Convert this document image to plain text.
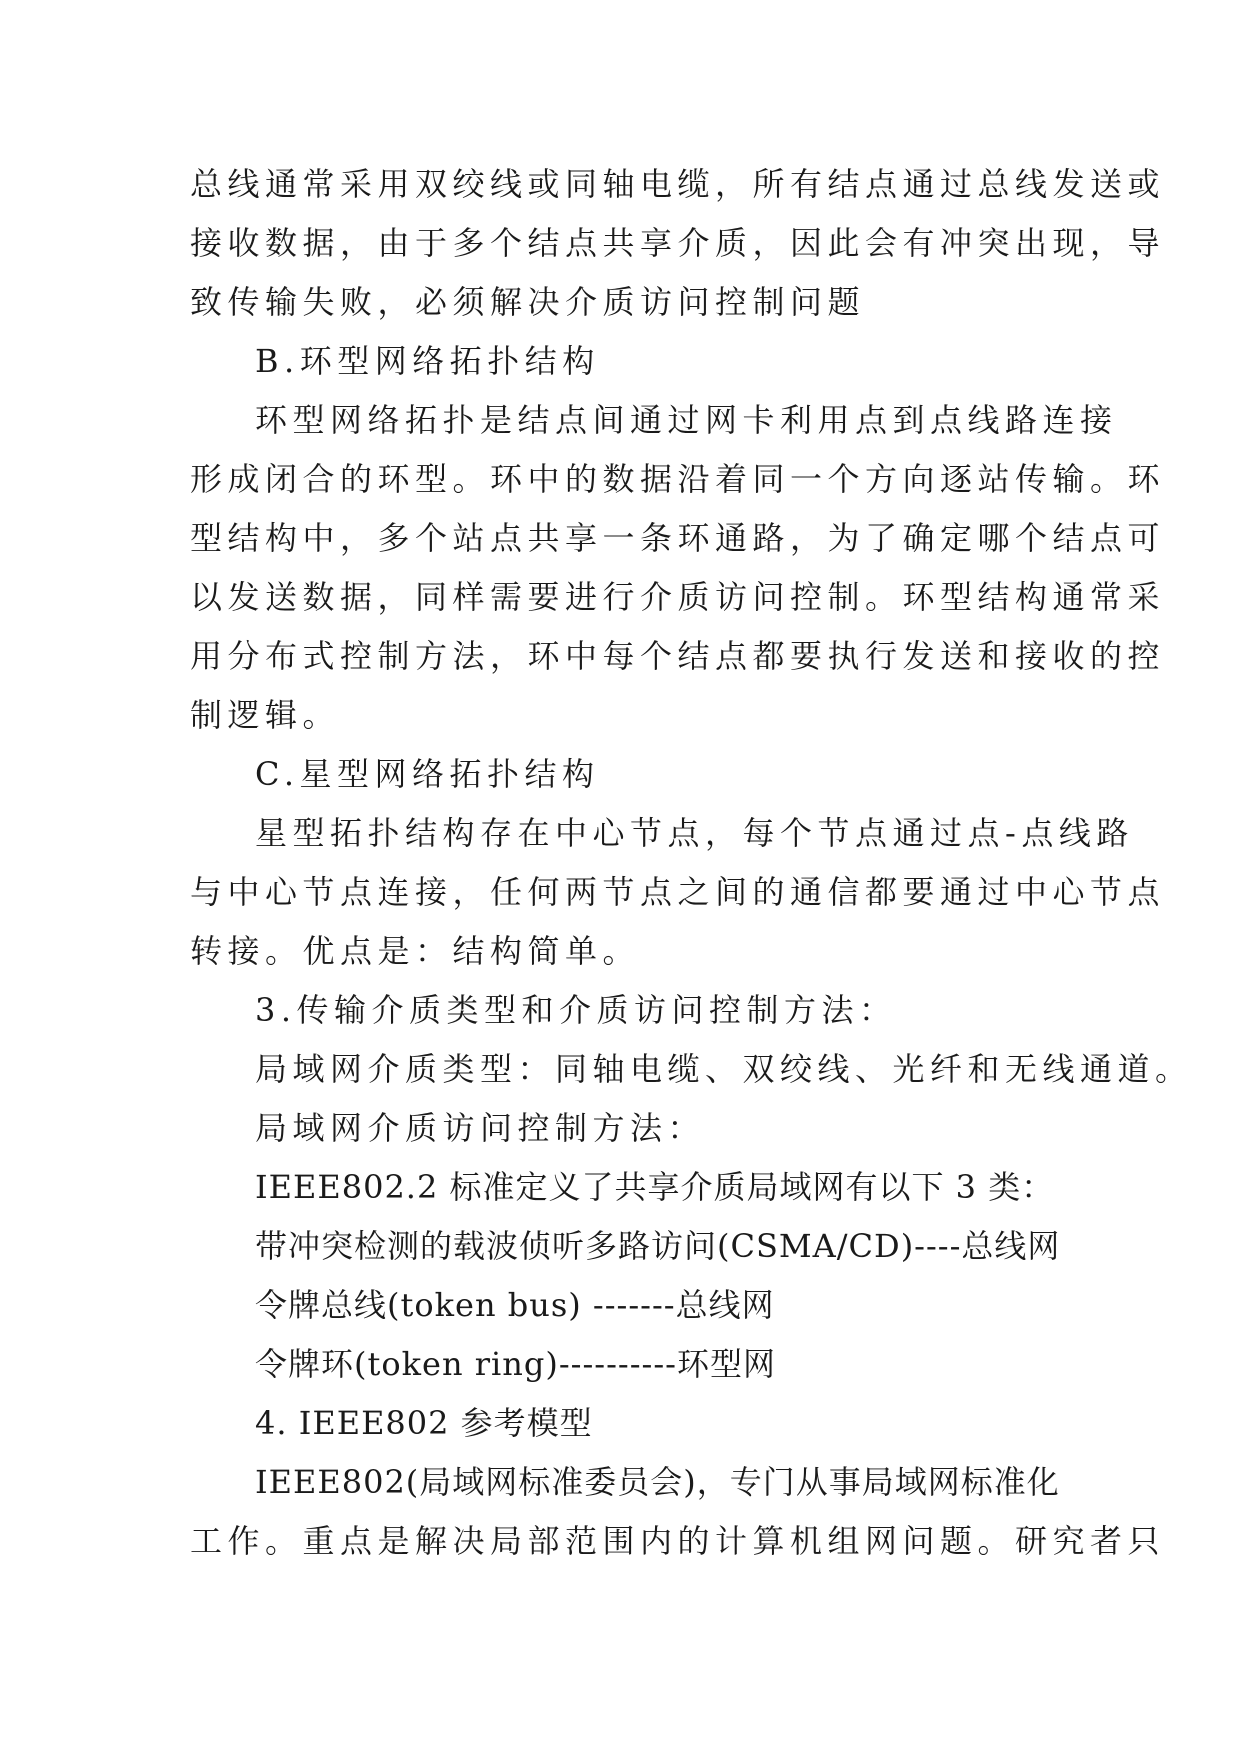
总线通常采用双绞线或同轴电缆，所有结点通过总线发送或
接收数据，由于多个结点共享介质，因此会有冲突出现，导
致传输失败，必须解决介质访问控制问题
B.环型网络拓扑结构
环型网络拓扑是结点间通过网卡利用点到点线路连接
形成闭合的环型。环中的数据沿着同一个方向逐站传输。环
型结构中，多个站点共享一条环通路，为了确定哪个结点可
以发送数据，同样需要进行介质访问控制。环型结构通常采
用分布式控制方法，环中每个结点都要执行发送和接收的控
制逻辑。
C.星型网络拓扑结构
星型拓扑结构存在中心节点，每个节点通过点-点线路
与中心节点连接，任何两节点之间的通信都要通过中心节点
转接。优点是：结构简单。
3.传输介质类型和介质访问控制方法：
局域网介质类型：同轴电缆、双绞线、光纤和无线通道。
局域网介质访问控制方法：
IEEE802.2 标准定义了共享介质局域网有以下 3 类：
带冲突检测的载波侦听多路访问(CSMA/CD)----总线网
令牌总线(token bus) -------总线网
令牌环(token ring)----------环型网
4. IEEE802 参考模型
IEEE802(局域网标准委员会)，专门从事局域网标准化
工作。重点是解决局部范围内的计算机组网问题。研究者只
